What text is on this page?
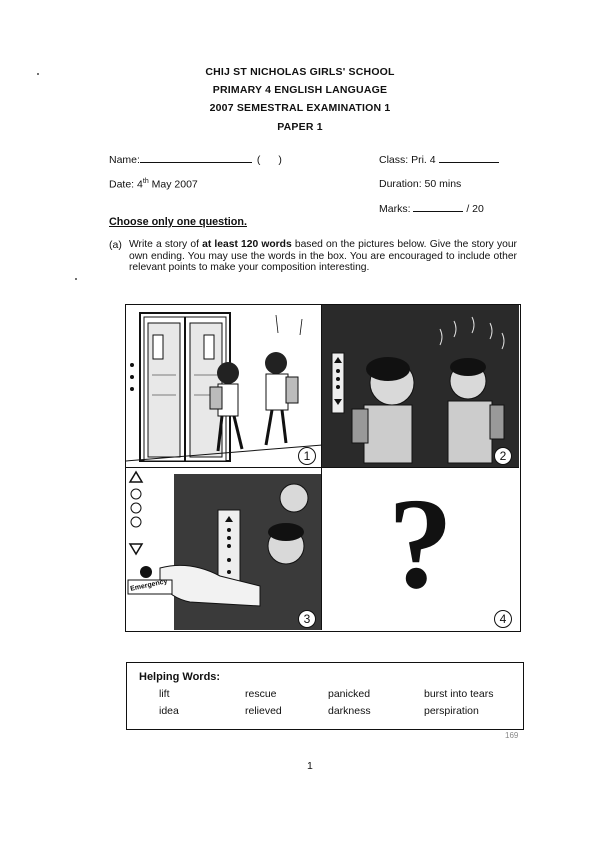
CHIJ ST NICHOLAS GIRLS' SCHOOL
PRIMARY 4 ENGLISH LANGUAGE
2007 SEMESTRAL EXAMINATION 1
PAPER 1
Name:	( )	Class: Pri. 4
Date: 4th May 2007	Duration: 50 mins
Marks:	/ 20
Choose only one question.
(a) Write a story of at least 120 words based on the pictures below. Give the story your own ending. You may use the words in the box. You are encouraged to include other relevant points to make your composition interesting.
1	2
Emergency
3
?
4
Helping Words:
lift	rescue	panicked	burst into tears
idea	relieved	darkness	perspiration
169
1
